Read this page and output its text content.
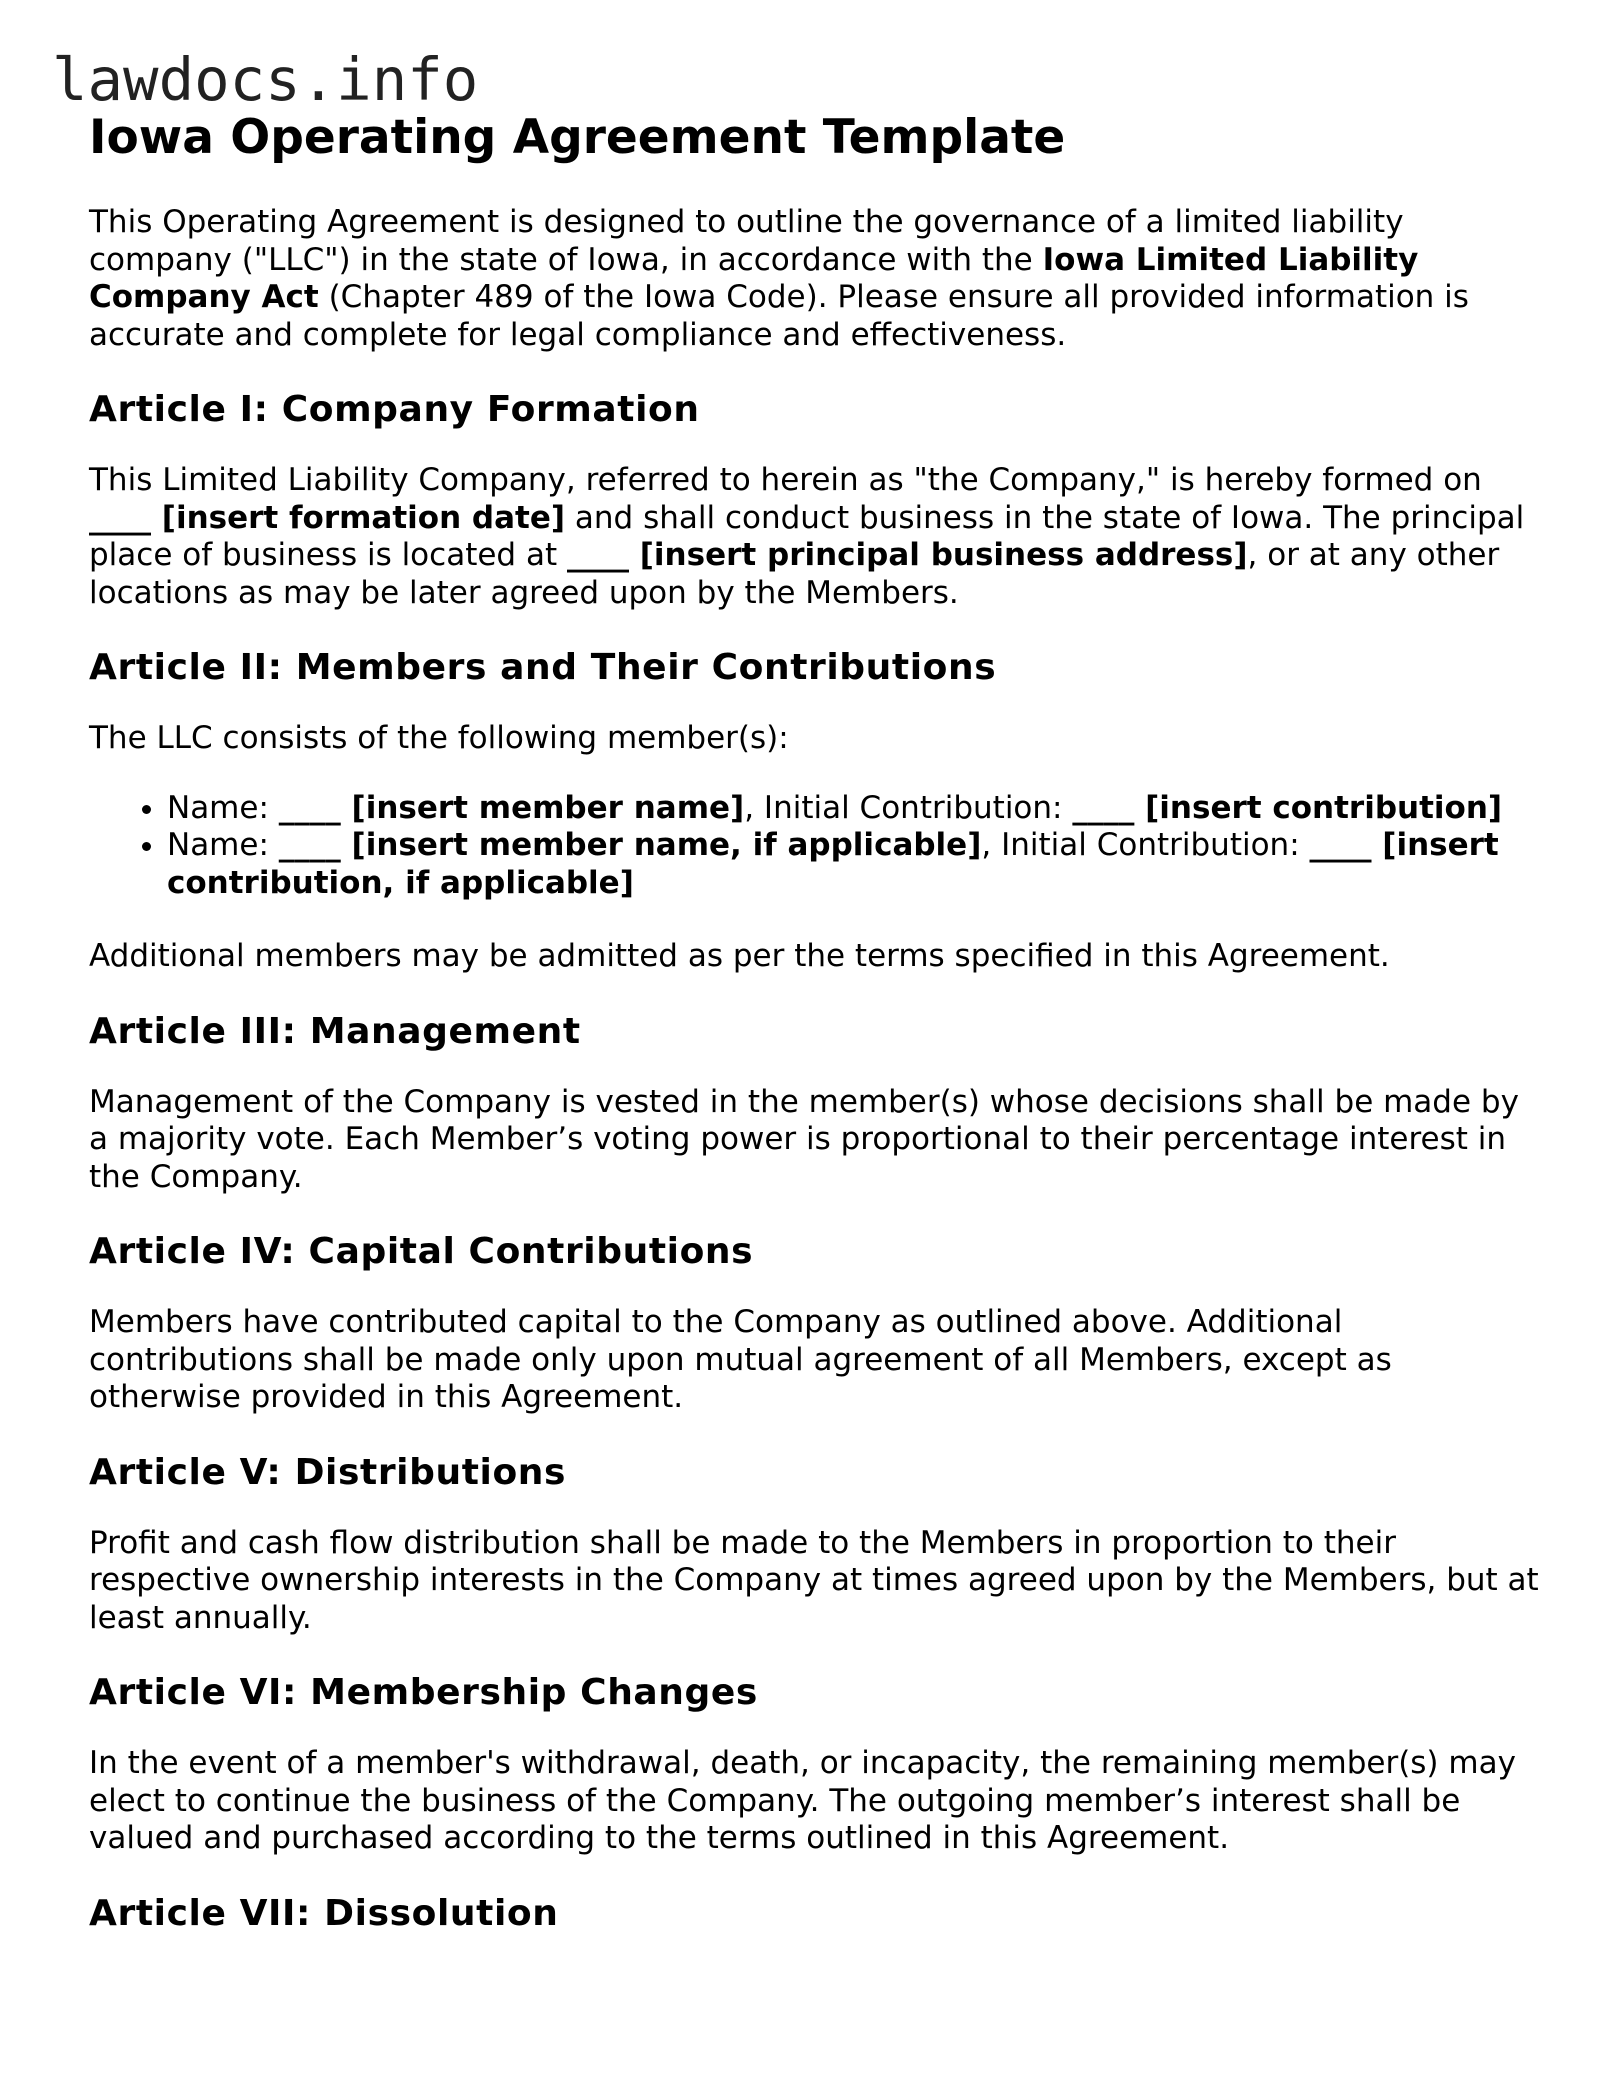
lawdocs.info
Iowa Operating Agreement Template

This Operating Agreement is designed to outline the governance of a limited liability company ("LLC") in the state of Iowa, in accordance with the Iowa Limited Liability Company Act (Chapter 489 of the Iowa Code). Please ensure all provided information is accurate and complete for legal compliance and effectiveness.

Article I: Company Formation

This Limited Liability Company, referred to herein as "the Company," is hereby formed on ____ [insert formation date] and shall conduct business in the state of Iowa. The principal place of business is located at ____ [insert principal business address], or at any other locations as may be later agreed upon by the Members.

Article II: Members and Their Contributions

The LLC consists of the following member(s):

• Name: ____ [insert member name], Initial Contribution: ____ [insert contribution]
• Name: ____ [insert member name, if applicable], Initial Contribution: ____ [insert contribution, if applicable]

Additional members may be admitted as per the terms specified in this Agreement.

Article III: Management

Management of the Company is vested in the member(s) whose decisions shall be made by a majority vote. Each Member’s voting power is proportional to their percentage interest in the Company.

Article IV: Capital Contributions

Members have contributed capital to the Company as outlined above. Additional contributions shall be made only upon mutual agreement of all Members, except as otherwise provided in this Agreement.

Article V: Distributions

Profit and cash flow distribution shall be made to the Members in proportion to their respective ownership interests in the Company at times agreed upon by the Members, but at least annually.

Article VI: Membership Changes

In the event of a member's withdrawal, death, or incapacity, the remaining member(s) may elect to continue the business of the Company. The outgoing member’s interest shall be valued and purchased according to the terms outlined in this Agreement.

Article VII: Dissolution
